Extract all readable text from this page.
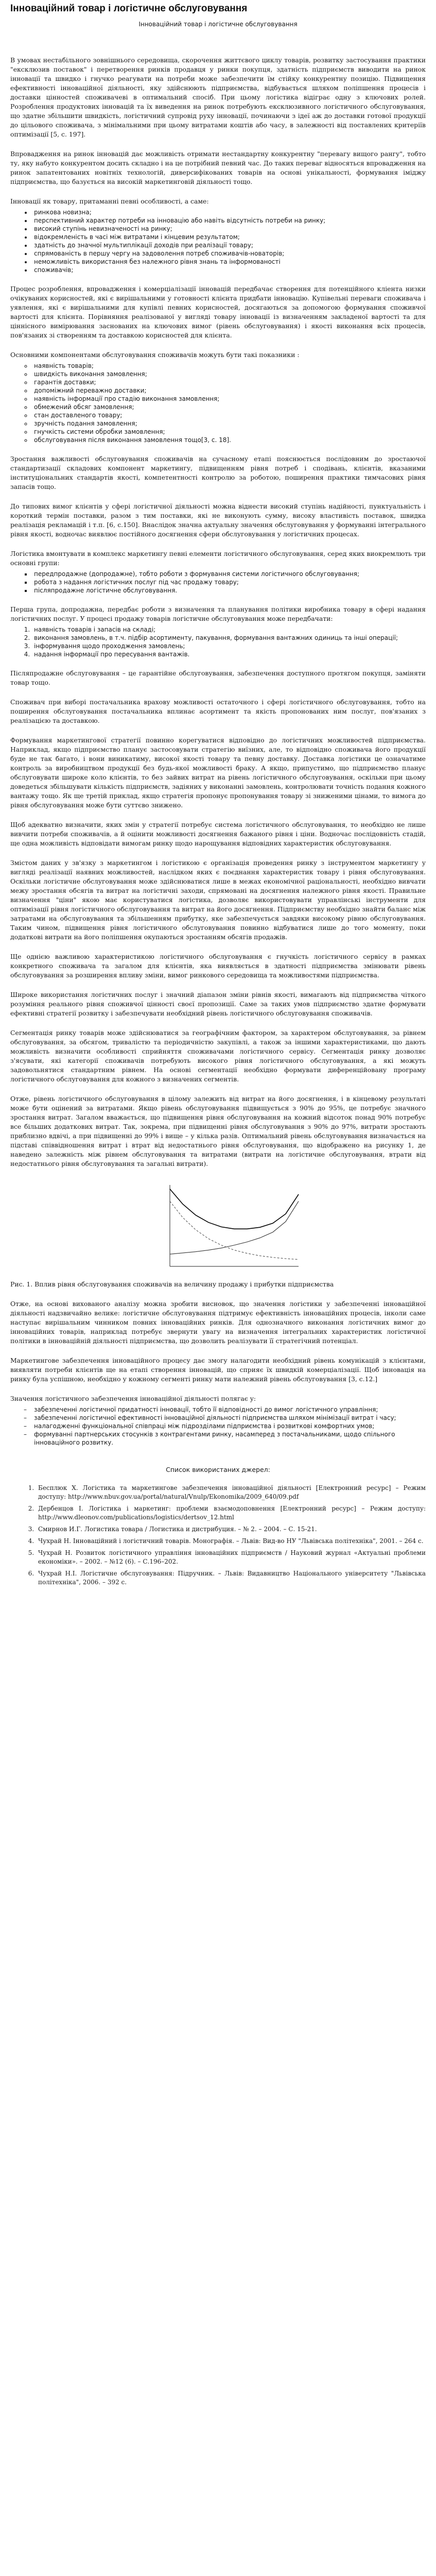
Інноваційний товар і логістичне обслуговування
Інноваційний товар і логістичне обслуговування

В умовах нестабільного зовнішнього середовища, скорочення життєвого циклу товарів, розвитку застосування практики "ексклюзив поставок" і перетворення ринків продавця у ринки покупця, здатність підприємств виводити на ринок інновації та швидко і гнучко реагувати на потреби може забезпечити їм стійку конкурентну позицію. Підвищення ефективності інноваційної діяльності, яку здійснюють підприємства, відбувається шляхом поліпшення процесів і доставки цінностей споживачеві в оптимальний спосіб. При цьому логістика відіграє одну з ключових ролей. Розроблення продуктових інновацій та їх виведення на ринок потребують ексклюзивного логістичного обслуговування, що здатне збільшити швидкість, логістичний супровід руху інновації, починаючи з ідеї аж до доставки готової продукції до цільового споживача, з мінімальними при цьому витратами коштів або часу, в залежності від поставлених критеріїв оптимізації [5, с. 197].

Впровадження на ринок інновацій дає можливість отримати нестандартну конкурентну "перевагу вищого рангу", тобто ту, яку набуто конкурентом досить складно і на це потрібний певний час. До таких переваг відносяться впровадження на ринок запатентованих новітніх технологій, диверсифікованих товарів на основі унікальності, формування іміджу підприємства, що базується на високій маркетинговій діяльності тощо.

Інновації як товару, притаманні певні особливості, а саме:

• ринкова новизна;
• перспективний характер потреби на інновацію або навіть відсутність потреби на ринку;
• високий ступінь невизначеності на ринку;
• відокремленість в часі між витратами і кінцевим результатом;
• здатність до значної мультиплікації доходів при реалізації товару;
• спрямованість в першу чергу на задоволення потреб споживачів-новаторів;
• неможливість використання без належного рівня знань та інформованості
• споживачів;

Процес розроблення, впровадження і комерціалізації інновацій передбачає створення для потенційного кліента низки очікуваних корисностей, які є вирішальними у готовності клієнта придбати інновацію. Купівельні переваги споживача і уявлення, які є вирішальними для купівлі певних корисностей, досягаються за допомогою формування споживчої вартості для клієнта. Порівняння реалізованої у вигляді товару інновації із визначенням закладеної вартості та для ціннісного вимірювання заснованих на ключових вимог (рівень обслуговування) і якості виконання всіх процесів, пов'язаних зі створенням та доставкою корисностей для клієнта.

Основними компонентами обслуговування споживачів можуть бути такі показники :

◦ наявність товарів;
◦ швидкість виконання замовлення;
◦ гарантія доставки;
◦ допоміжний переважно доставки;
◦ наявність інформації про стадію виконання замовлення;
◦ обмежений обсяг замовлення;
◦ стан доставленого товару;
◦ зручність подання замовлення;
◦ гнучкість системи обробки замовлення;
◦ обслуговування після виконання замовлення тощо[3, с. 18].

Зростання важливості обслуговування споживачів на сучасному етапі пояснюється послідовним до зростаючої стандартизації складових компонент маркетингу, підвищенням рівня потреб і сподівань, клієнтів, вказаними інституціональних стандартів якості, компетентності контролю за роботою, поширення практики тимчасових рівня запасів тощо.

До типових вимог клієнтів у сфері логістичної діяльності можна віднести високий ступінь надійності, пунктуальність і короткий термін поставки, разом з тим поставки, які не виконують сумму, високу властивість поставок, швидка реалізація рекламацій і т.п. [6, с.150]. Внаслідок значна актуальну значення обслуговування у формуванні інтегрального рівня якості, водночас виявлює постійного досягнення сфери обслуговування у логістичних процесах.

Логістика вмонтувати в комплекс маркетингу певні елементи логістичного обслуговування, серед яких виокремлють три основні групи:

▪ передпродажне (допродажне), тобто роботи з формування системи логістичного обслуговування;
▪ робота з надання логістичних послуг під час продажу товару;
▪ післяпродажне логістичне обслуговування.

Перша група, допродажна, передбає роботи з визначення та планування політики виробника товару в сфері надання логістичних послуг. У процесі продажу товарів логістичне обслуговування може передбачати:

1. наявність товарів і запасів на складі;
2. виконання замовлень, в т.ч. підбір асортименту, пакування, формування вантажних одиниць та інші операції;
3. інформування щодо проходження замовлень;
4. надання інформації про пересування вантажів.

Післяпродажне обслуговування – це гарантійне обслуговування, забезпечення доступного протягом покупця, заміняти товар тощо.

Споживач при виборі постачальника врахову можливості остаточного і сфері логістичного обслуговування, тобто на поширення обслуговування постачальника вплинає асортимент та якість пропонованих ним послуг, пов'язаних з реалізацією та доставкою.

Формування маркетингової стратегії повинно корегуватися відповідно до логістичних можливостей підприємства. Наприклад, якщо підприємство планує застосовувати стратегію виїзних, але, то відповідно споживача його продукції буде не так багато, і вони виникатиму, високої якості товару та певну доставку. Доставка логістики це означатиме контроль за виробництвом продукції без будь-якої можливості браку. А якщо, припустимо, що підприємство планує обслуговувати широке коло клієнтів, то без зайвих витрат на рівень логістичного обслуговування, оскільки при цьому доведеться збільшувати кількість підприємств, задіяних у виконанні замовлень, контролювати точність подання кожного вантажу тощо. Як ще третій приклад, якщо стратегія пропонує пропонування товару зі зниженими цінами, то вимога до рівня обслуговування може бути суттєво знижено.

Щоб адекватно визначити, яких змін у стратегії потребує система логістичного обслуговування, то необхідно не лише вивчити потреби споживачів, а й оцінити можливості досягнення бажаного рівня і ціни. Водночас послідовність стадій, ще одна можливість відповідати вимогам ринку щодо нарощування відповідних характеристик обслуговування.

Змістом даних у зв'язку з маркетингом і логістикою є організація проведення ринку з інструментом маркетингу у вигляді реалізації наявних можливостей, наслідком яких є поєднання характеристик товару і рівня обслуговування. Оскільки логістичне обслуговування може здійснюватися лише в межах економічної раціональності, необхідно вивчати межу зростання обсягів та витрат на логістичні заходи, спрямовані на досягнення належного рівня якості. Правильне визначення "ціни" якою має користуватися логістика, дозволяє використовувати управлінські інструменти для оптимізації рівня логістичного обслуговування та витрат на його досягнення. Підприємству необхідно знайти баланс між затратами на обслуговування та збільшенням прибутку, яке забезпечується завдяки високому рівню обслуговування. Таким чином, підвищення рівня логістичного обслуговування повинно відбуватися лише до того моменту, поки додаткові витрати на його поліпшення окупаються зростанням обсягів продажів.

Ще однією важливою характеристикою логістичного обслуговування є гнучкість логістичного сервісу в рамках конкретного споживача та загалом для клієнтів, яка виявляється в здатності підприємства змінювати рівень обслуговування за розширення впливу зміни, вимог ринкового середовища та можливостями підприємства.

Широке використання логістичних послуг і значний діапазон зміни рівнів якості, вимагають від підприємства чіткого розуміння реального рівня споживчої цінності своєї пропозиції. Саме за таких умов підприємство здатне формувати ефективні стратегії розвитку і забезпечувати необхідний рівень логістичного обслуговування споживачів.

Сегментація ринку товарів може здійснюватися за географічним фактором, за характером обслуговування, за рівнем обслуговування, за обсягом, тривалістю та періодичністю закупівлі, а також за іншими характеристиками, що дають можливість визначити особливості сприйняття споживачами логістичного сервісу. Сегментація ринку дозволяє з'ясувати, які категорії споживачів потребують високого рівня логістичного обслуговування, а які можуть задовольнятися стандартним рівнем. На основі сегментації необхідно формувати диференційовану програму логістичного обслуговування для кожного з визначених сегментів.

Отже, рівень логістичного обслуговування в цілому залежить від витрат на його досягнення, і в кінцевому результаті може бути оцінений за витратами. Якщо рівень обслуговування підвищується з 90% до 95%, це потребує значного зростання витрат. Загалом вважається, що підвищення рівня обслуговування на кожний відсоток понад 90% потребує все більших додаткових витрат. Так, зокрема, при підвищенні рівня обслуговування з 90% до 97%, витрати зростають приблизно вдвічі, а при підвищенні до 99% і вище – у кілька разів. Оптимальний рівень обслуговування визначається на підставі співвідношення витрат і втрат від недостатнього рівня обслуговування, що відображено на рисунку 1, де наведено залежність між рівнем обслуговування та витратами (витрати на логістичне обслуговування, втрати від недостатнього рівня обслуговування та загальні витрати).

Рис. 1. Вплив рівня обслуговування споживачів на величину продажу і прибутки підприємства

Отже, на основі вихованого аналізу можна зробити висновок, що значення логістики у забезпеченні інноваційної діяльності надзвичайно велике: логістичне обслуговування підтримує ефективність інноваційних процесів, інколи саме наступає вирішальним чинником повних інноваційних ринків. Для однозначного виконання логістичних вимог до інноваційних товарів, наприклад потребує звернути увагу на визначення інтегральних характеристик логістичної політики в інноваційній діяльності підприємства, що дозволить реалізувати її стратегічний потенціал.

Маркетингове забезпечення інноваційного процесу дає змогу налагодити необхідний рівень комунікацій з клієнтами, виявляти потреби клієнтів ще на етапі створення інновацій, що сприяє їх швидкій комерціалізації. Щоб інновація на ринку була успішною, необхідно у кожному сегменті ринку мати належний рівень обслуговування [3, с.12.]

Значення логістичного забезпечення інноваційної діяльності полягає у:

– забезпеченні логістичної придатності інновації, тобто її відповідності до вимог логістичного управління;
– забезпеченні логістичної ефективності інноваційної діяльності підприємства шляхом мінімізації витрат і часу;
– налагодженні функціональної співпраці між підрозділами підприємства і розвиткові комфортних умов;
– формуванні партнерських стосунків з контрагентами ринку, насамперед з постачальниками, щодо спільного інноваційного розвитку.
Список використаних джерел:
1. Бесплюк Х. Логістика та маркетингове забезпечення інноваційної діяльності [Електронний ресурс] – Режим доступу: http://www.nbuv.gov.ua/portal/natural/Vnulp/Ekonomika/2009_640/09.pdf
2. Дербенцов І. Логістика і маркетинг: проблеми взаємодоповнення [Електронний ресурс] – Режим доступу: http://www.dleonov.com/publications/logistics/dertsov_12.html
3. Смирнов И.Г. Логистика товара / Логистика и дистрибуция. – № 2. – 2004. – С. 15-21.
4. Чухрай Н. Інноваційний і логістичний товарів. Монографія. – Львів: Вид-во НУ "Львівська політехніка", 2001. – 264 с.
5. Чухрай Н. Розвиток логістичного управління інноваційних підприємств / Науковий журнал «Актуальні проблеми економіки». – 2002. – №12 (6). – С.196–202.
6. Чухрай Н.І. Логістичне обслуговування: Підручник. – Львів: Видавництво Національного університету "Львівська політехніка", 2006. – 392 с.
